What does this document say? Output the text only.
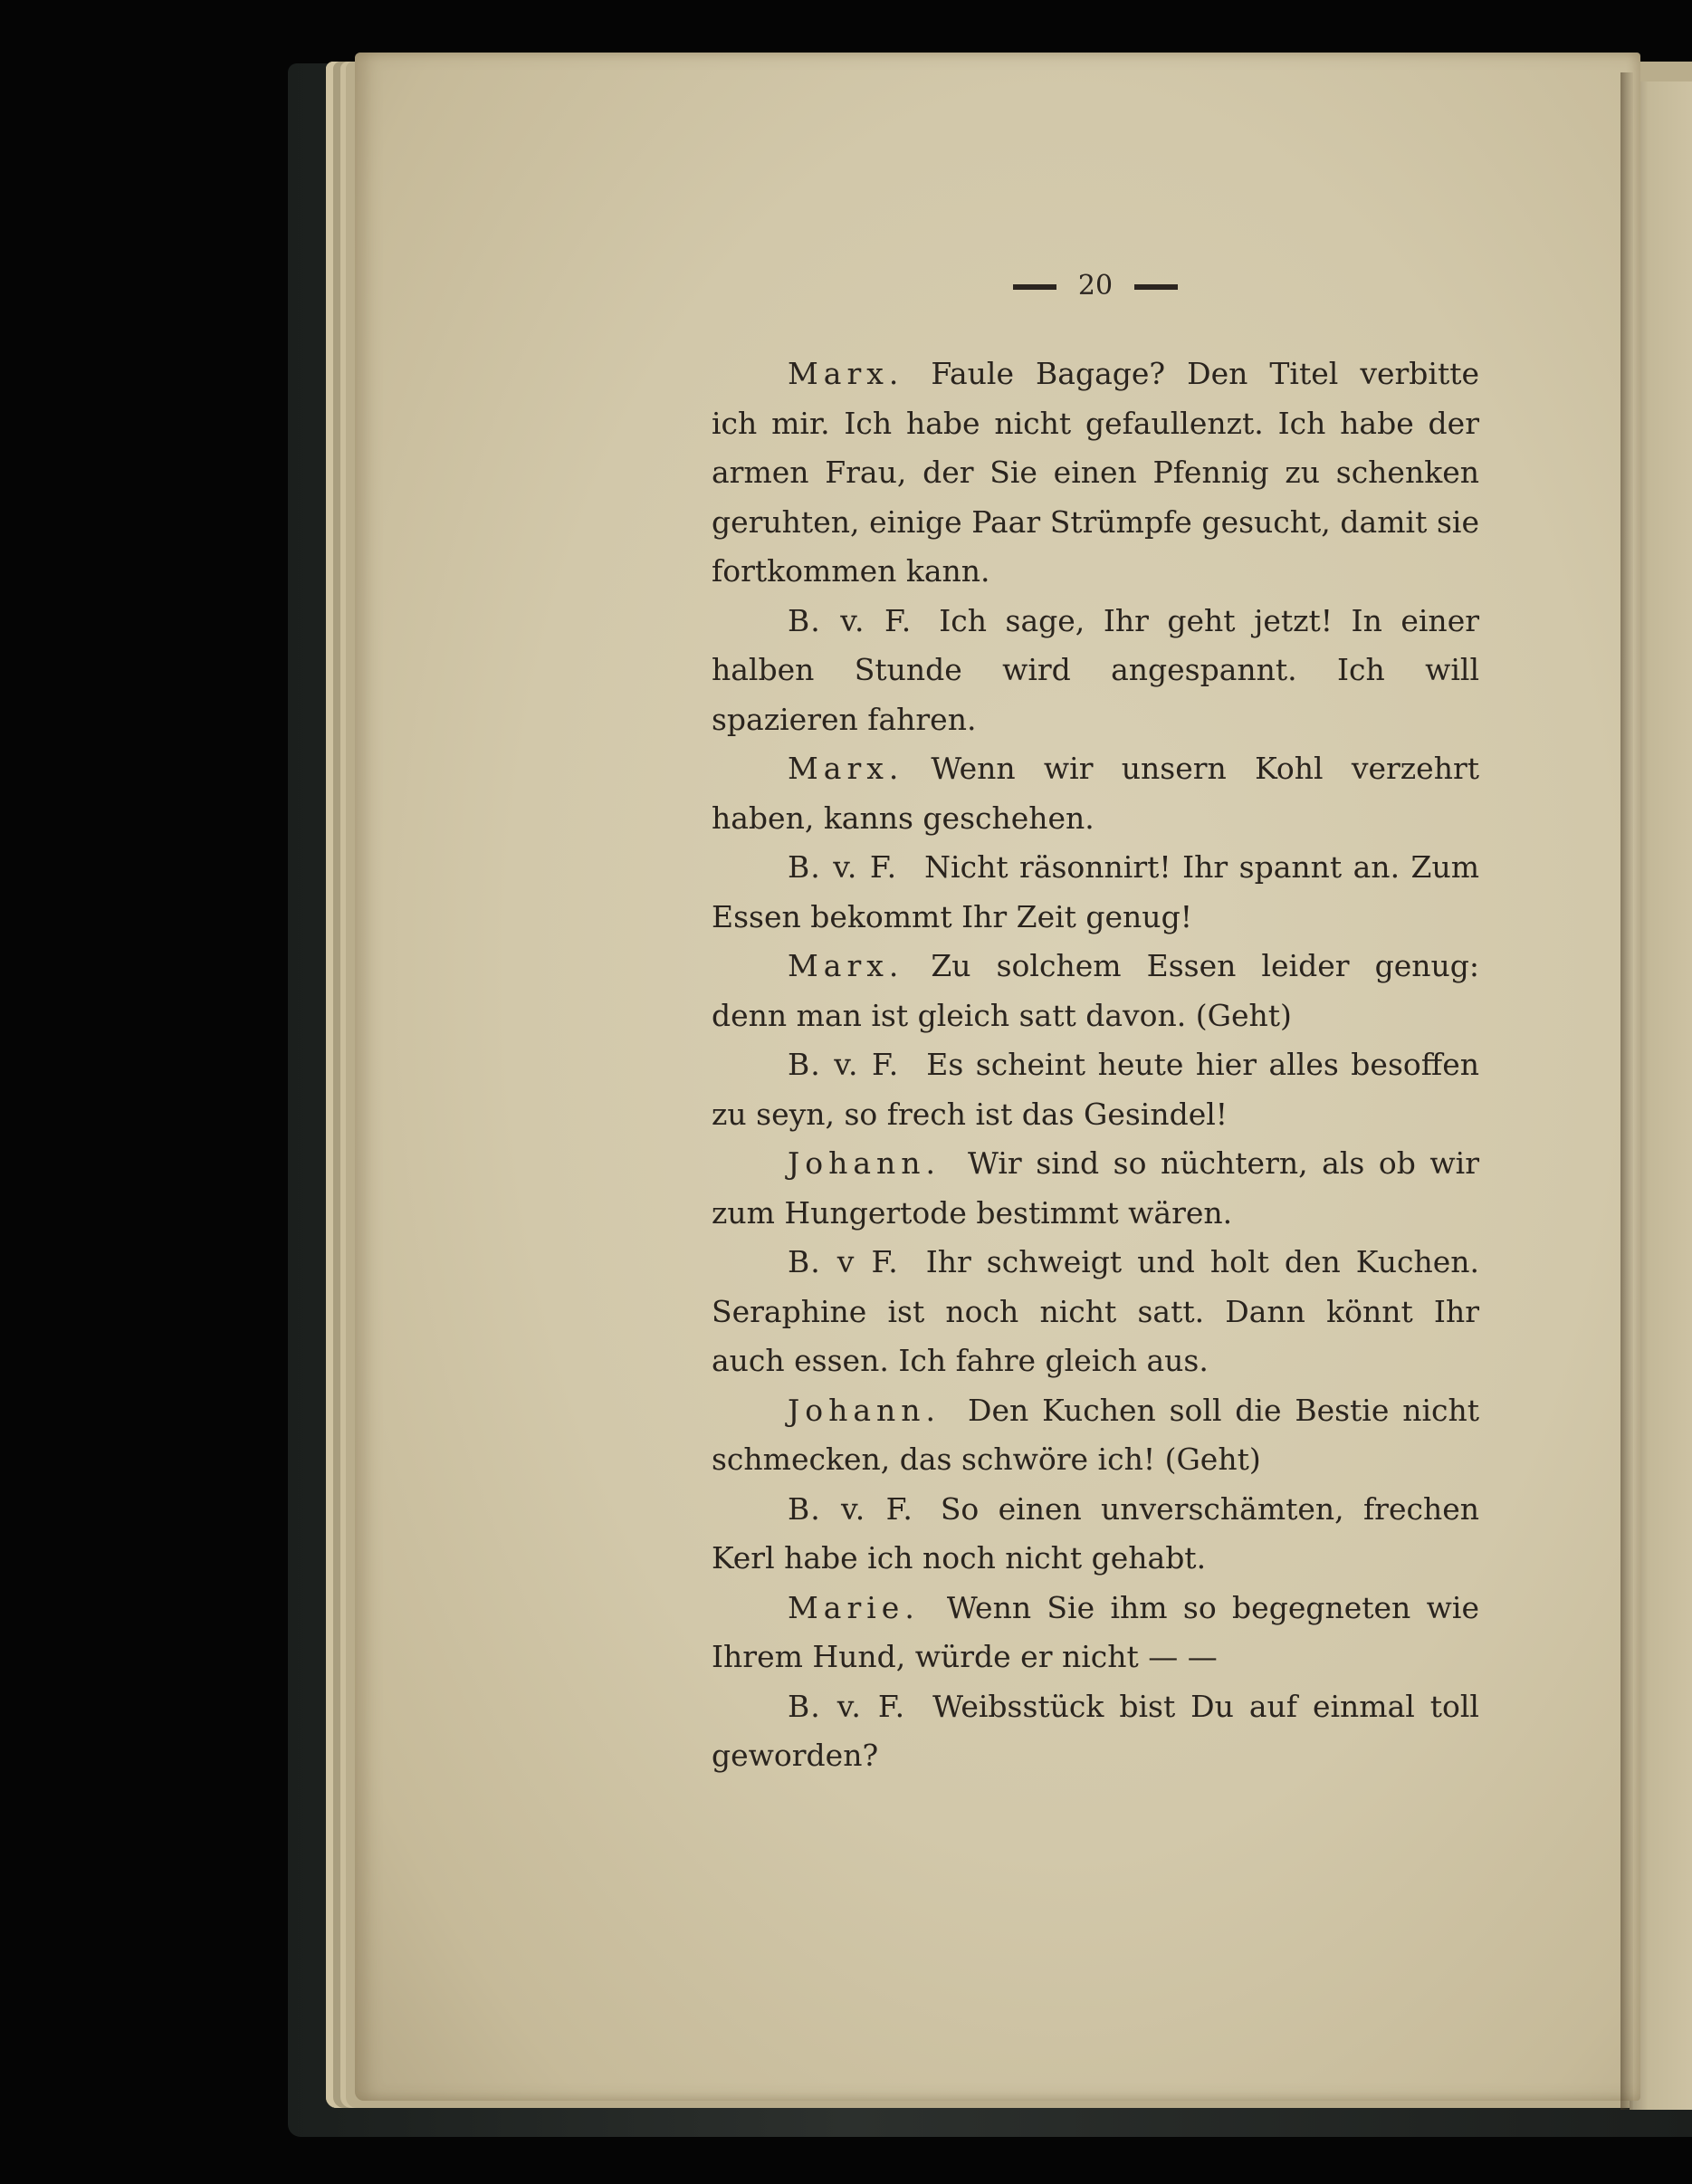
20

Marx. Faule Bagage? Den Titel verbitte ich mir. Ich habe nicht gefaullenzt. Ich habe der armen Frau, der Sie einen Pfennig zu schenken geruhten, einige Paar Strümpfe gesucht, damit sie fortkommen kann.

B. v. F. Ich sage, Ihr geht jetzt! In einer halben Stunde wird angespannt. Ich will spazieren fahren.

Marx. Wenn wir unsern Kohl verzehrt haben, kanns geschehen.

B. v. F. Nicht räsonnirt! Ihr spannt an. Zum Essen bekommt Ihr Zeit genug!

Marx. Zu solchem Essen leider genug: denn man ist gleich satt davon. (Geht)

B. v. F. Es scheint heute hier alles besoffen zu seyn, so frech ist das Gesindel!

Johann. Wir sind so nüchtern, als ob wir zum Hungertode bestimmt wären.

B. v F. Ihr schweigt und holt den Kuchen. Seraphine ist noch nicht satt. Dann könnt Ihr auch essen. Ich fahre gleich aus.

Johann. Den Kuchen soll die Bestie nicht schmecken, das schwöre ich! (Geht)

B. v. F. So einen unverschämten, frechen Kerl habe ich noch nicht gehabt.

Marie. Wenn Sie ihm so begegneten wie Ihrem Hund, würde er nicht — —

B. v. F. Weibsstück bist Du auf einmal toll geworden?
